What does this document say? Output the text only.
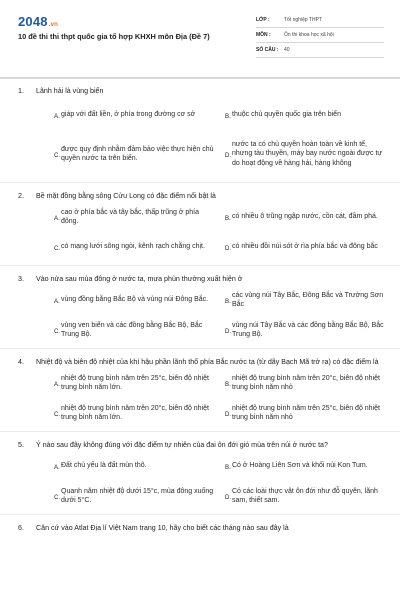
2048.vn
10 đề thi thi thpt quốc gia tổ hợp KHXH môn Địa (Đề 7)
LỚP :	Tốt nghiệp THPT
MÔN :	Ôn thi khoa học xã hội
SỐ CÂU :	40
1.	Lãnh hải là vùng biển
A. giáp với đất liền, ở phía trong đường cơ sở	B. thuộc chủ quyền quốc gia trên biển
C.
được quy định nhằm đảm bảo việc thực hiện chủ quyền nước ta trên biển.	D.
nước ta có chủ quyền hoàn toàn về kinh tế, nhưng tàu thuyền, máy bay nước ngoài được tự do hoạt động về hàng hải, hàng không
2.	Bề mặt đồng bằng sông Cửu Long có đặc điểm nổi bật là
A.
cao ở phía bắc và tây bắc, thấp trũng ở phía đông.	B. có nhiều ô trũng ngập nước, cồn cát, đầm phá.
C. có mạng lưới sông ngòi, kênh rạch chằng chịt.	D. có nhiều đồi núi sót ở rìa phía bắc và đông bắc
3.	Vào nửa sau mùa đông ở nước ta, mưa phùn thường xuất hiện ở
A. vùng đồng bằng Bắc Bộ và vùng núi Đông Bắc.	B.
các vùng núi Tây Bắc, Đông Bắc và Trường Sơn Bắc
C.
vùng ven biển và các đồng bằng Bắc Bộ, Bắc Trung Bộ.	D.
vùng núi Tây Bắc và các đồng bằng Bắc Bộ, Bắc Trung Bộ.
4.	Nhiệt độ và biên độ nhiệt của khí hậu phần lãnh thổ phía Bắc nước ta (từ dãy Bạch Mã trở ra) có đặc điểm là
A.
nhiệt độ trung bình năm trên 25°c, biên độ nhiệt trung bình năm lớn.	B.
nhiệt độ trung bình năm trên 20°c, biên độ nhiệt trung bình năm nhỏ
C.
nhiệt độ trung bình năm trên 20°c, biên độ nhiệt trung bình năm lớn.	D.
nhiệt độ trung bình năm trên 25°c, biên độ nhiệt trung bình năm nhỏ
5.	Ý nào sau đây không đúng với đặc điểm tự nhiên của đai ôn đới gió mùa trên núi ở nước ta?
A. Đất chủ yếu là đất mùn thô.	B. Có ở Hoàng Liên Sơn và khối núi Kon Tum.
C.
Quanh năm nhiệt độ dưới 15°c, mùa đông xuống dưới 5°C.	D.
Có các loài thực vật ôn đới như đỗ quyên, lãnh sam, thiết sam.
6.	Căn cứ vào Atlat Địa lí Việt Nam trang 10, hãy cho biết các tháng nào sau đây là
